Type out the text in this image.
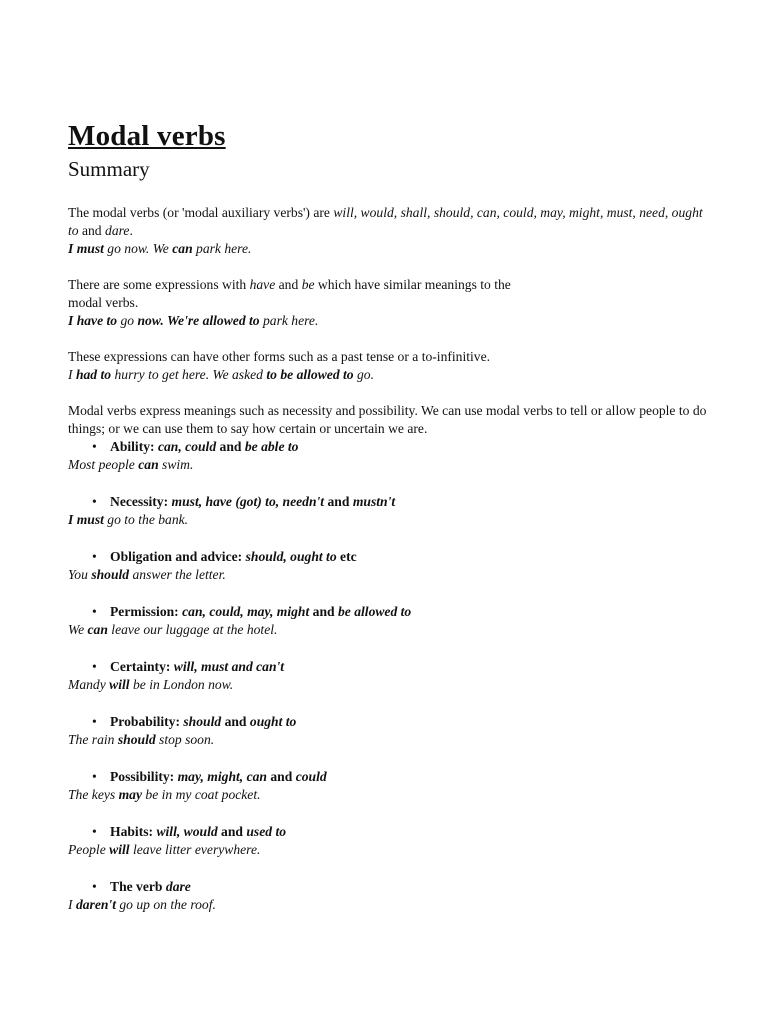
Modal verbs
Summary

The modal verbs (or 'modal auxiliary verbs') are will, would, shall, should, can, could, may, might, must, need, ought to and dare.

I must go now. We can park here.

There are some expressions with have and be which have similar meanings to the
modal verbs.

I have to go now. We're allowed to park here.

These expressions can have other forms such as a past tense or a to-infinitive.

I had to hurry to get here. We asked to be allowed to go.

Modal verbs express meanings such as necessity and possibility. We can use modal verbs to tell or allow people to do things; or we can use them to say how certain or uncertain we are.

• Ability: can, could and be able to
Most people can swim.
• Necessity: must, have (got) to, needn't and mustn't
I must go to the bank.
• Obligation and advice: should, ought to etc
You should answer the letter.
• Permission: can, could, may, might and be allowed to
We can leave our luggage at the hotel.
• Certainty: will, must and can't
Mandy will be in London now.
• Probability: should and ought to
The rain should stop soon.
• Possibility: may, might, can and could
The keys may be in my coat pocket.
• Habits: will, would and used to
People will leave litter everywhere.
• The verb dare
I daren't go up on the roof.
